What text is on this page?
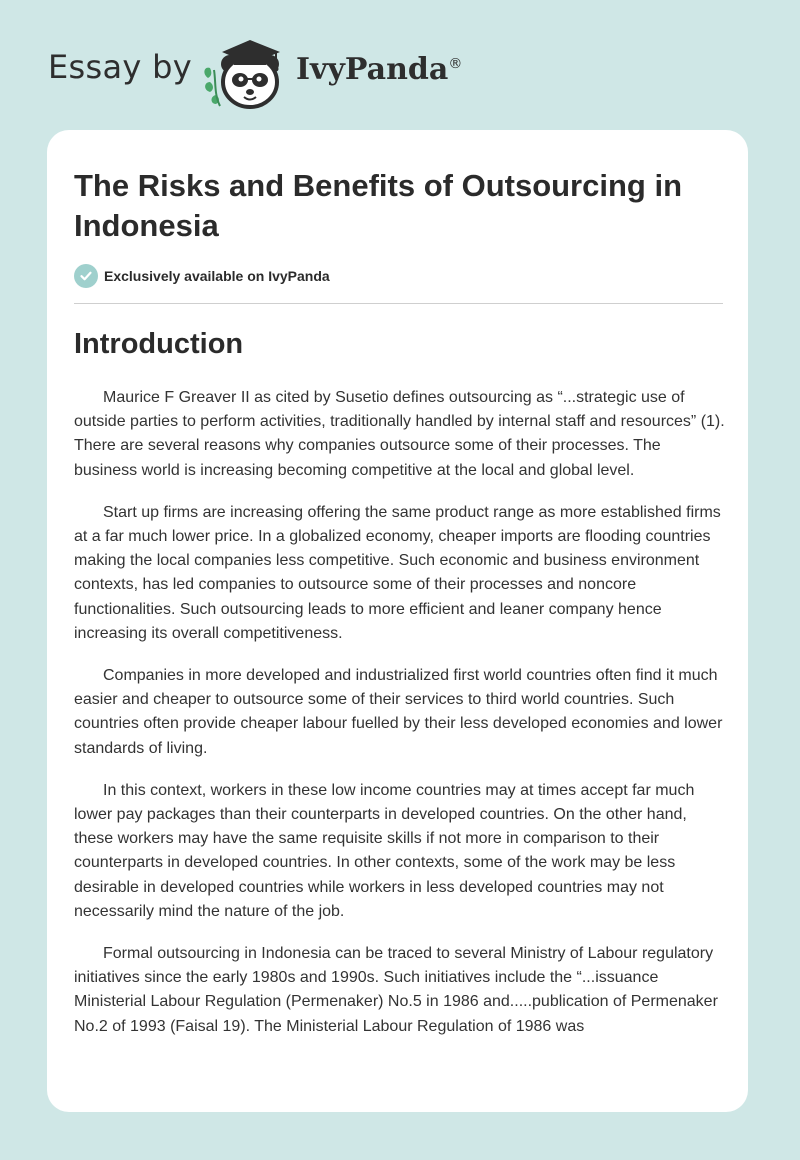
Essay by	IvyPanda®
The Risks and Benefits of Outsourcing in Indonesia
Exclusively available on IvyPanda
Introduction

Maurice F Greaver II as cited by Susetio defines outsourcing as “...strategic use of outside parties to perform activities, traditionally handled by internal staff and resources” (1). There are several reasons why companies outsource some of their processes. The business world is increasing becoming competitive at the local and global level.

Start up firms are increasing offering the same product range as more established firms at a far much lower price. In a globalized economy, cheaper imports are flooding countries making the local companies less competitive. Such economic and business environment contexts, has led companies to outsource some of their processes and noncore functionalities. Such outsourcing leads to more efficient and leaner company hence increasing its overall competitiveness.

Companies in more developed and industrialized first world countries often find it much easier and cheaper to outsource some of their services to third world countries. Such countries often provide cheaper labour fuelled by their less developed economies and lower standards of living.

In this context, workers in these low income countries may at times accept far much lower pay packages than their counterparts in developed countries. On the other hand, these workers may have the same requisite skills if not more in comparison to their counterparts in developed countries. In other contexts, some of the work may be less desirable in developed countries while workers in less developed countries may not necessarily mind the nature of the job.

Formal outsourcing in Indonesia can be traced to several Ministry of Labour regulatory initiatives since the early 1980s and 1990s. Such initiatives include the “...issuance Ministerial Labour Regulation (Permenaker) No.5 in 1986 and.....publication of Permenaker No.2 of 1993 (Faisal 19). The Ministerial Labour Regulation of 1986 was
